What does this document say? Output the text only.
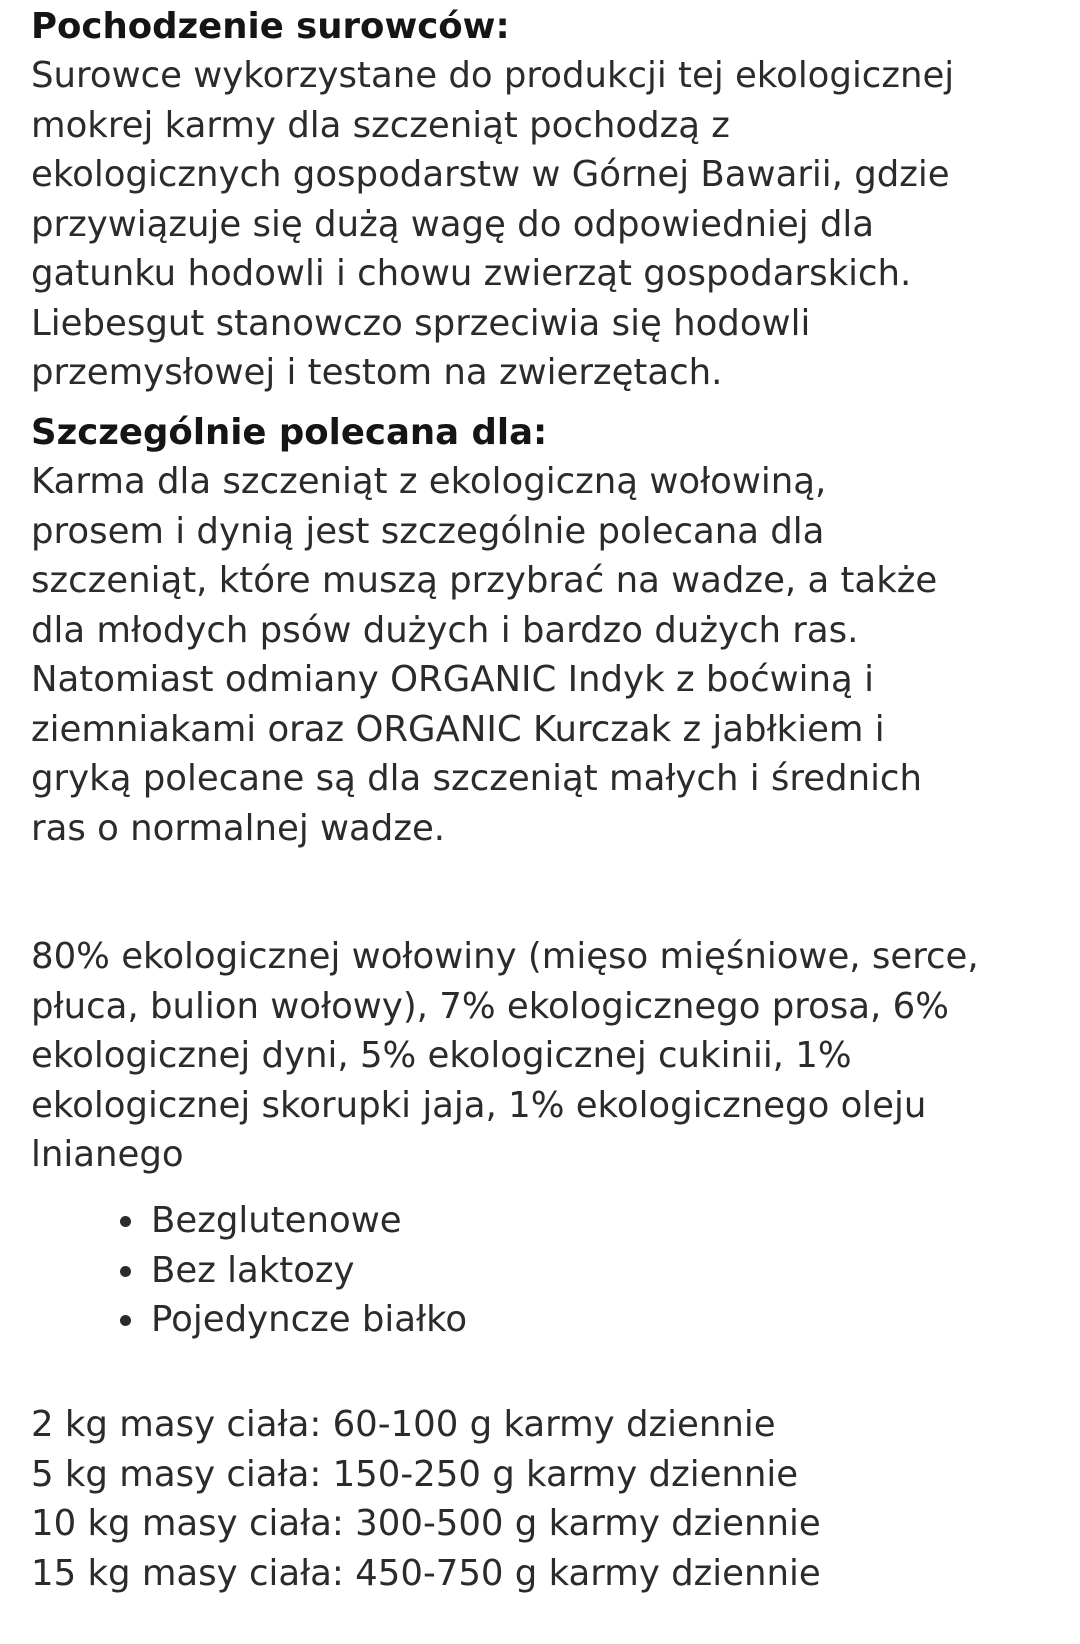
Pochodzenie surowców:

Surowce wykorzystane do produkcji tej ekologicznej

mokrej karmy dla szczeniąt pochodzą z

ekologicznych gospodarstw w Górnej Bawarii, gdzie

przywiązuje się dużą wagę do odpowiedniej dla

gatunku hodowli i chowu zwierząt gospodarskich.

Liebesgut stanowczo sprzeciwia się hodowli

przemysłowej i testom na zwierzętach.

Szczególnie polecana dla:

Karma dla szczeniąt z ekologiczną wołowiną,

prosem i dynią jest szczególnie polecana dla

szczeniąt, które muszą przybrać na wadze, a także

dla młodych psów dużych i bardzo dużych ras.

Natomiast odmiany ORGANIC Indyk z boćwiną i

ziemniakami oraz ORGANIC Kurczak z jabłkiem i

gryką polecane są dla szczeniąt małych i średnich

ras o normalnej wadze.

80% ekologicznej wołowiny (mięso mięśniowe, serce,

płuca, bulion wołowy), 7% ekologicznego prosa, 6%

ekologicznej dyni, 5% ekologicznej cukinii, 1%

ekologicznej skorupki jaja, 1% ekologicznego oleju

lnianego

Bezglutenowe
Bez laktozy
Pojedyncze białko

2 kg masy ciała: 60-100 g karmy dziennie

5 kg masy ciała: 150-250 g karmy dziennie

10 kg masy ciała: 300-500 g karmy dziennie

15 kg masy ciała: 450-750 g karmy dziennie
